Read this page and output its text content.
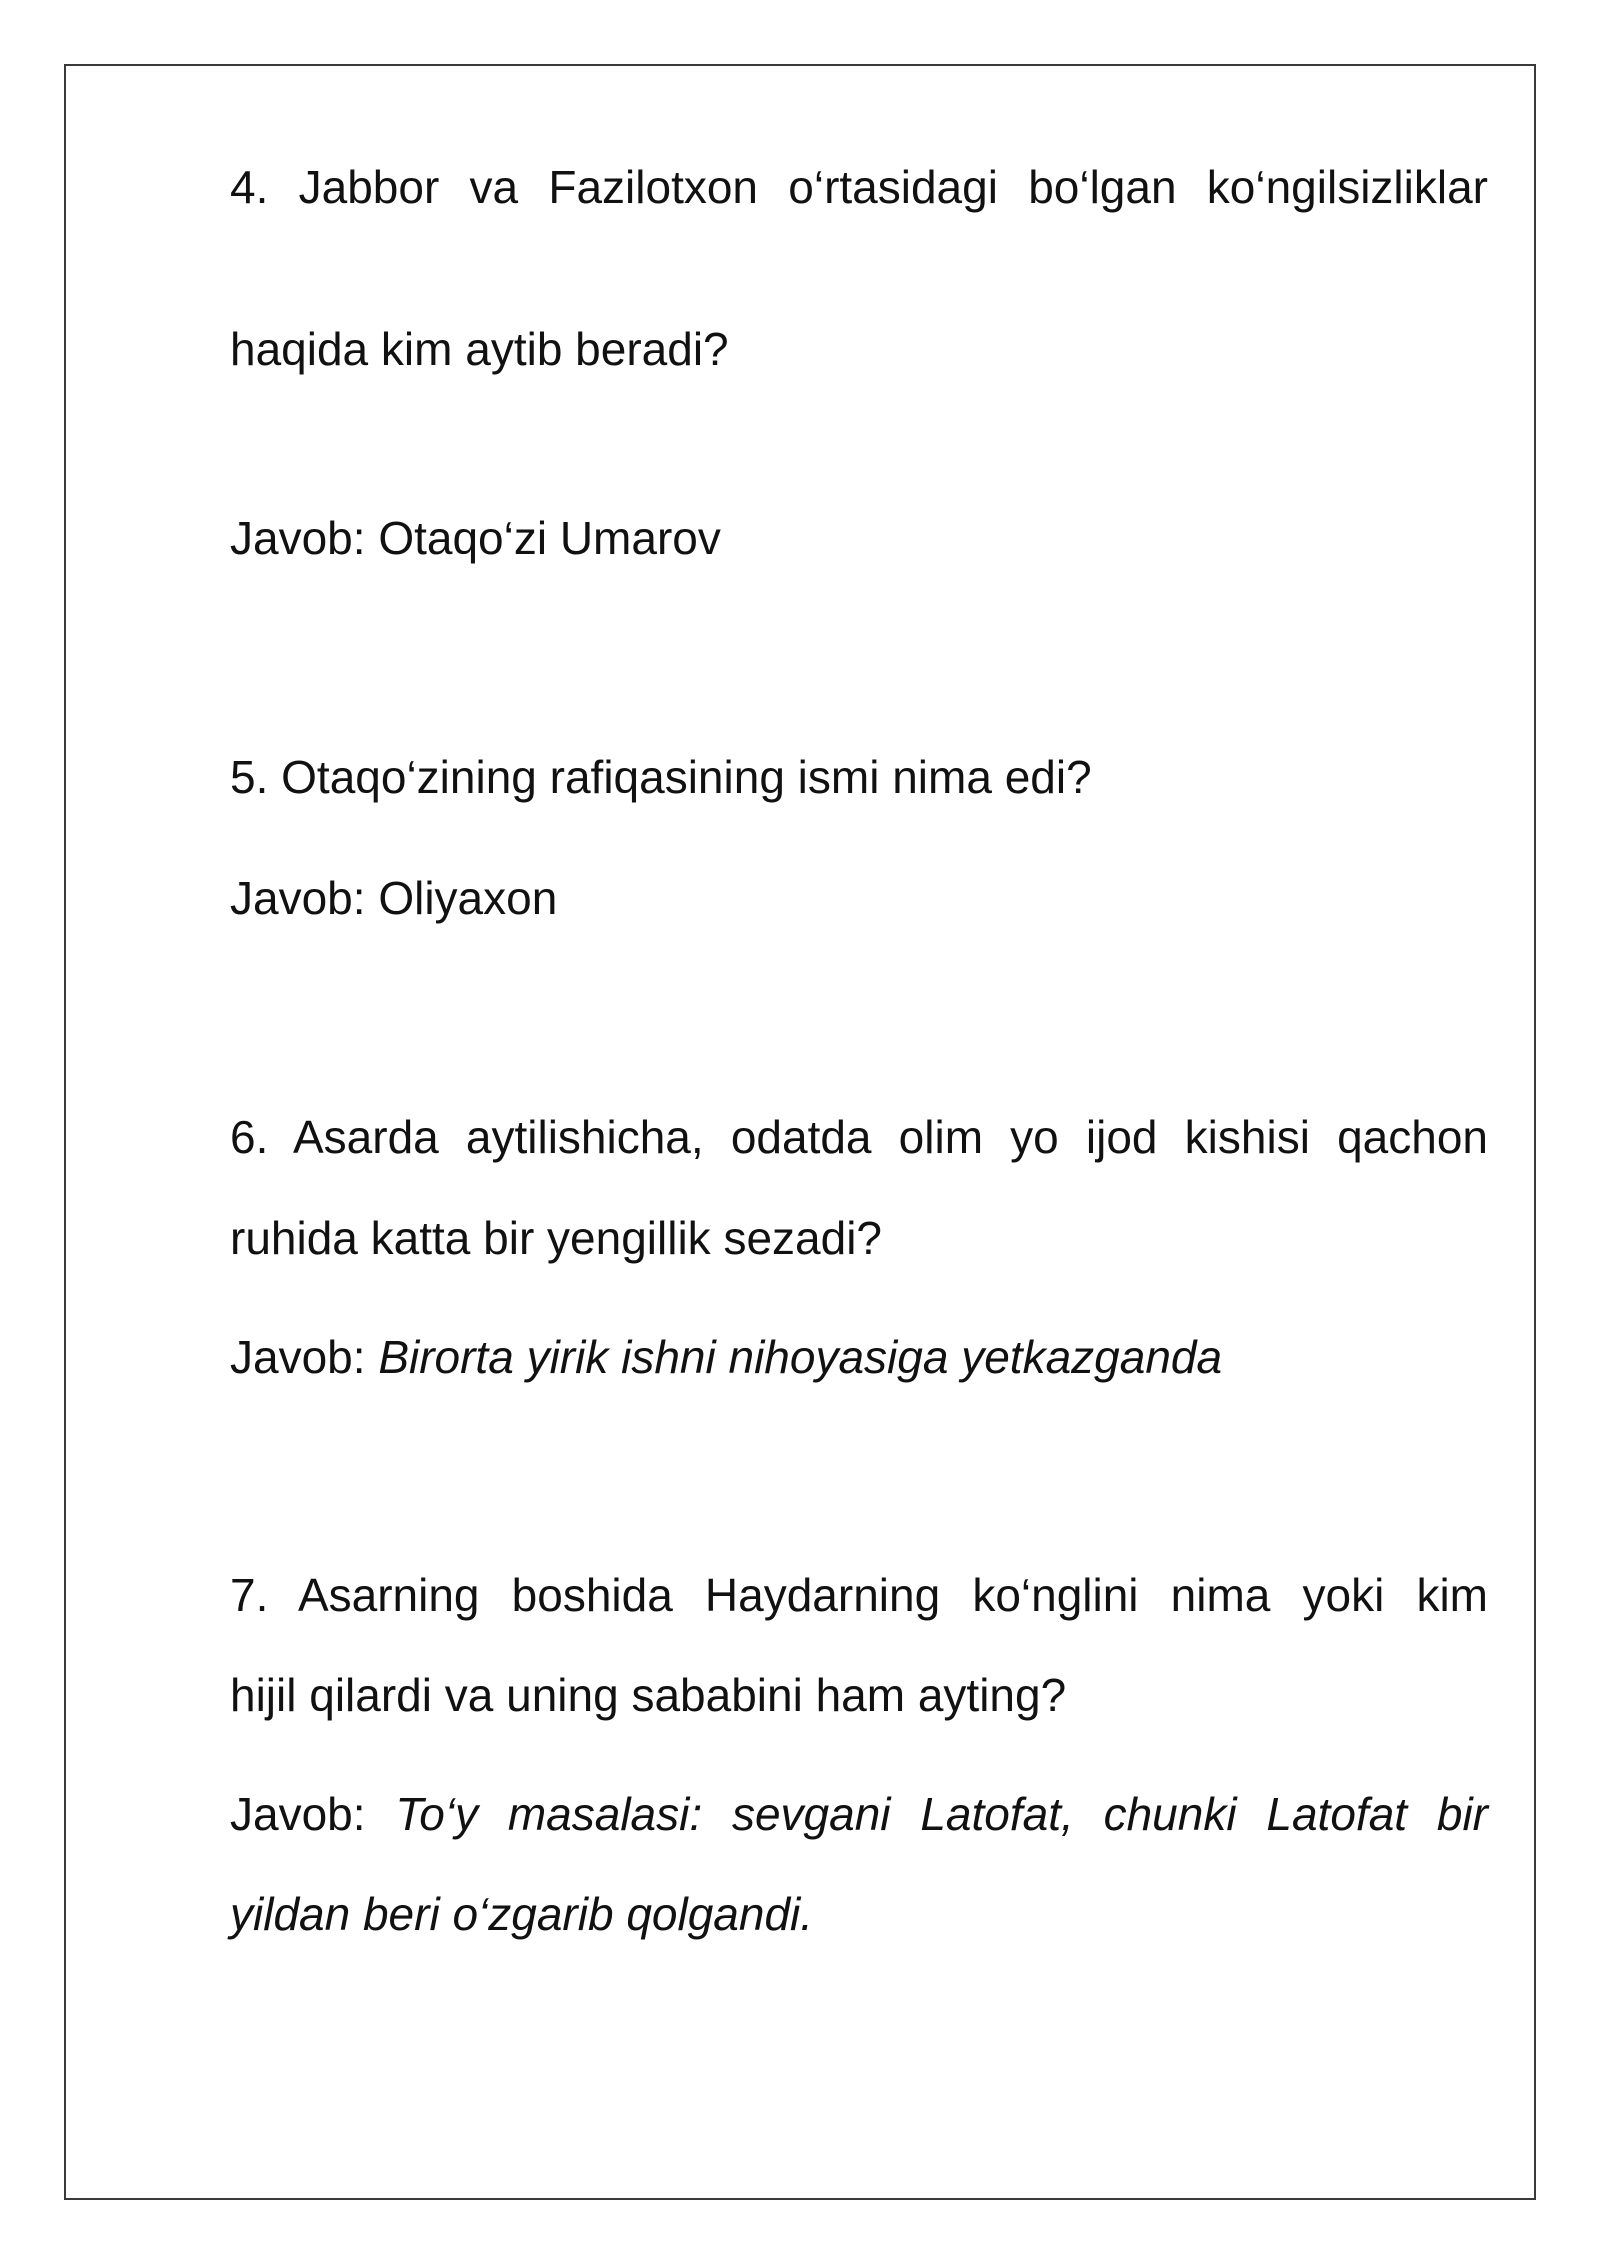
4. Jabbor va Fazilotxon o‘rtasidagi bo‘lgan ko‘ngilsizliklar
haqida kim aytib beradi?
Javob: Otaqo‘zi Umarov
5. Otaqo‘zining rafiqasining ismi nima edi?
Javob: Oliyaxon
6. Asarda aytilishicha, odatda olim yo ijod kishisi qachon
ruhida katta bir yengillik sezadi?
Javob: Birorta yirik ishni nihoyasiga yetkazganda
7. Asarning boshida Haydarning ko‘nglini nima yoki kim
hijil qilardi va uning sababini ham ayting?
Javob: To‘y masalasi: sevgani Latofat, chunki Latofat bir
yildan beri o‘zgarib qolgandi.
